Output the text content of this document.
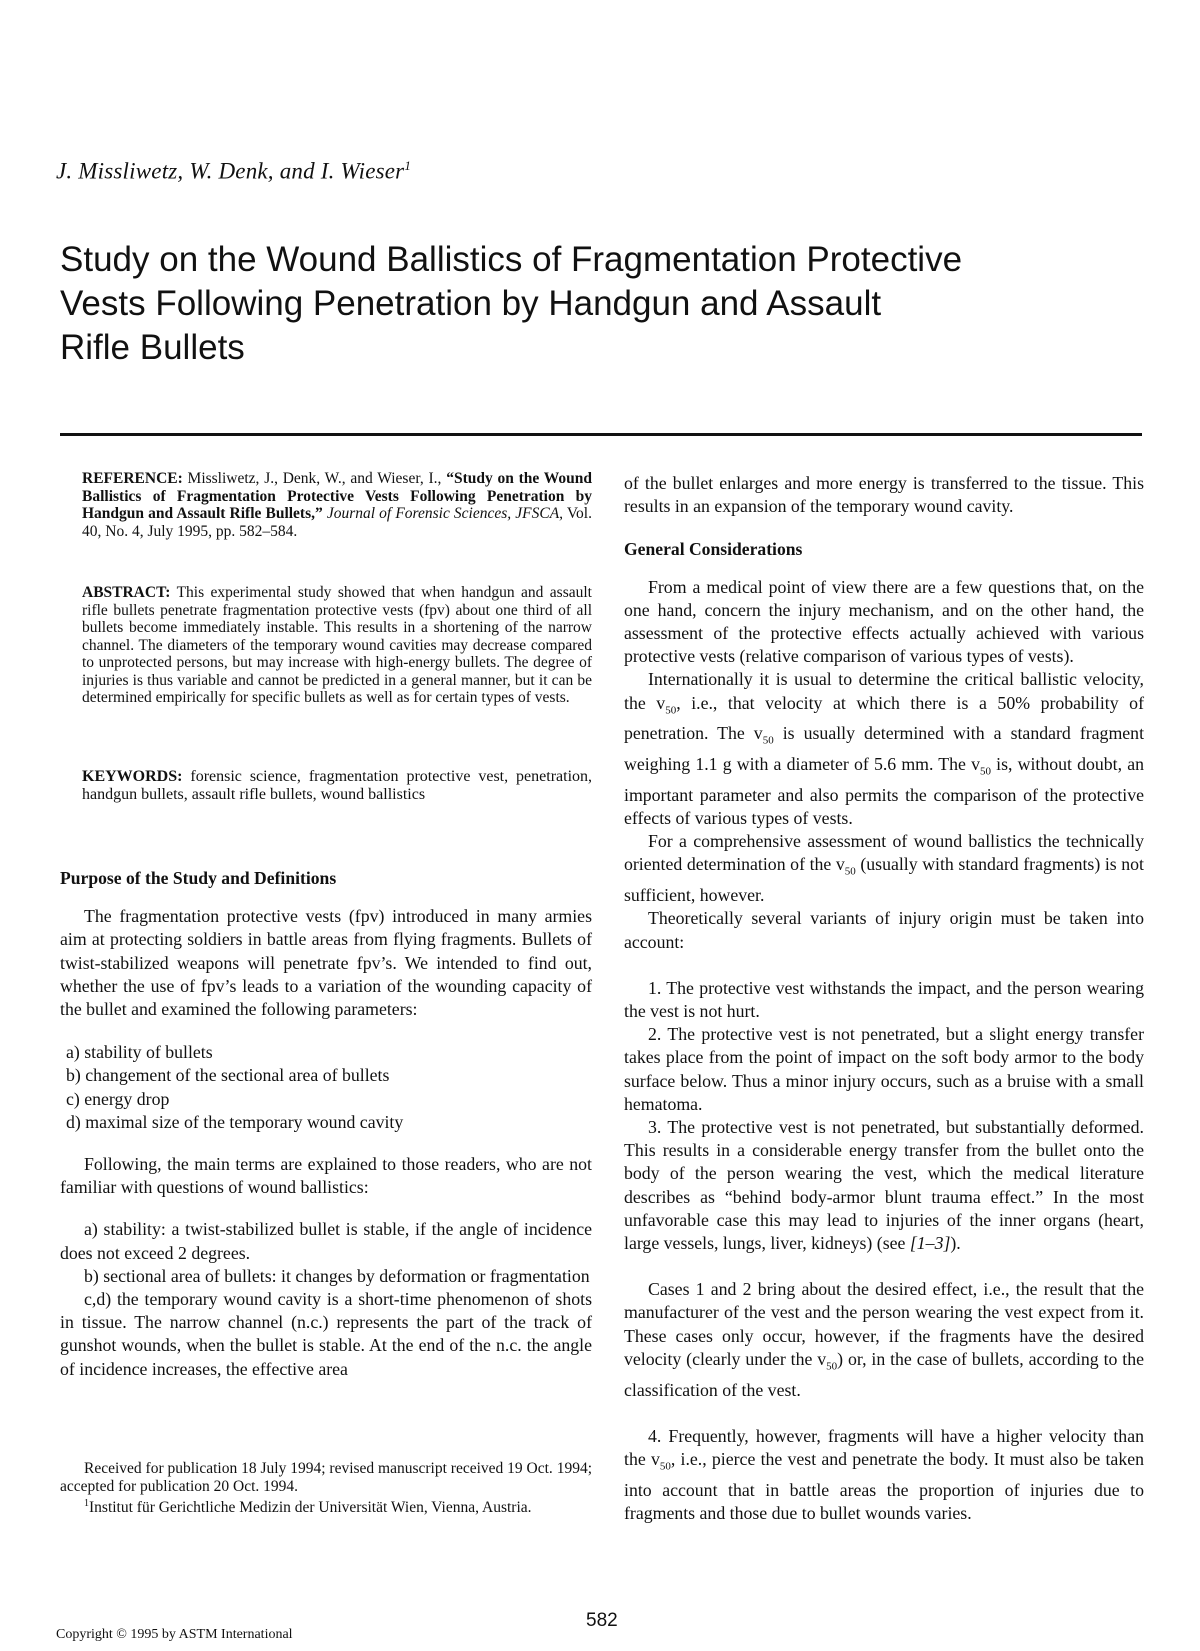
J. Missliwetz, W. Denk, and I. Wieser$^1$
Study on the Wound Ballistics of Fragmentation Protective
Vests Following Penetration by Handgun and Assault
Rifle Bullets

REFERENCE: Missliwetz, J., Denk, W., and Wieser, I., “Study on the Wound Ballistics of Fragmentation Protective Vests Following Penetration by Handgun and Assault Rifle Bullets,” Journal of Forensic Sciences, JFSCA, Vol. 40, No. 4, July 1995, pp. 582–584.

ABSTRACT: This experimental study showed that when handgun and assault rifle bullets penetrate fragmentation protective vests (fpv) about one third of all bullets become immediately instable. This results in a shortening of the narrow channel. The diameters of the temporary wound cavities may decrease compared to unprotected persons, but may increase with high-energy bullets. The degree of injuries is thus variable and cannot be predicted in a general manner, but it can be determined empirically for specific bullets as well as for certain types of vests.

KEYWORDS: forensic science, fragmentation protective vest, penetration, handgun bullets, assault rifle bullets, wound ballistics

Purpose of the Study and Definitions

The fragmentation protective vests (fpv) introduced in many armies aim at protecting soldiers in battle areas from flying fragments. Bullets of twist-stabilized weapons will penetrate fpv’s. We intended to find out, whether the use of fpv’s leads to a variation of the wounding capacity of the bullet and examined the following parameters:

a) stability of bullets

b) changement of the sectional area of bullets

c) energy drop

d) maximal size of the temporary wound cavity

Following, the main terms are explained to those readers, who are not familiar with questions of wound ballistics:

a) stability: a twist-stabilized bullet is stable, if the angle of incidence does not exceed 2 degrees.

b) sectional area of bullets: it changes by deformation or fragmentation

c,d) the temporary wound cavity is a short-time phenomenon of shots in tissue. The narrow channel (n.c.) represents the part of the track of gunshot wounds, when the bullet is stable. At the end of the n.c. the angle of incidence increases, the effective area

Received for publication 18 July 1994; revised manuscript received 19 Oct. 1994; accepted for publication 20 Oct. 1994.

$^1$Institut für Gerichtliche Medizin der Universität Wien, Vienna, Austria.

of the bullet enlarges and more energy is transferred to the tissue. This results in an expansion of the temporary wound cavity.

General Considerations

From a medical point of view there are a few questions that, on the one hand, concern the injury mechanism, and on the other hand, the assessment of the protective effects actually achieved with various protective vests (relative comparison of various types of vests).

Internationally it is usual to determine the critical ballistic velocity, the $v_{50}$, i.e., that velocity at which there is a 50% probability of penetration. The $v_{50}$ is usually determined with a standard fragment weighing 1.1 g with a diameter of 5.6 mm. The $v_{50}$ is, without doubt, an important parameter and also permits the comparison of the protective effects of various types of vests.

For a comprehensive assessment of wound ballistics the technically oriented determination of the $v_{50}$ (usually with standard fragments) is not sufficient, however.

Theoretically several variants of injury origin must be taken into account:

1. The protective vest withstands the impact, and the person wearing the vest is not hurt.

2. The protective vest is not penetrated, but a slight energy transfer takes place from the point of impact on the soft body armor to the body surface below. Thus a minor injury occurs, such as a bruise with a small hematoma.

3. The protective vest is not penetrated, but substantially deformed. This results in a considerable energy transfer from the bullet onto the body of the person wearing the vest, which the medical literature describes as “behind body-armor blunt trauma effect.” In the most unfavorable case this may lead to injuries of the inner organs (heart, large vessels, lungs, liver, kidneys) (see [1–3]).

Cases 1 and 2 bring about the desired effect, i.e., the result that the manufacturer of the vest and the person wearing the vest expect from it. These cases only occur, however, if the fragments have the desired velocity (clearly under the $v_{50}$) or, in the case of bullets, according to the classification of the vest.

4. Frequently, however, fragments will have a higher velocity than the $v_{50}$, i.e., pierce the vest and penetrate the body. It must also be taken into account that in battle areas the proportion of injuries due to fragments and those due to bullet wounds varies.

582
Copyright © 1995 by ASTM International
